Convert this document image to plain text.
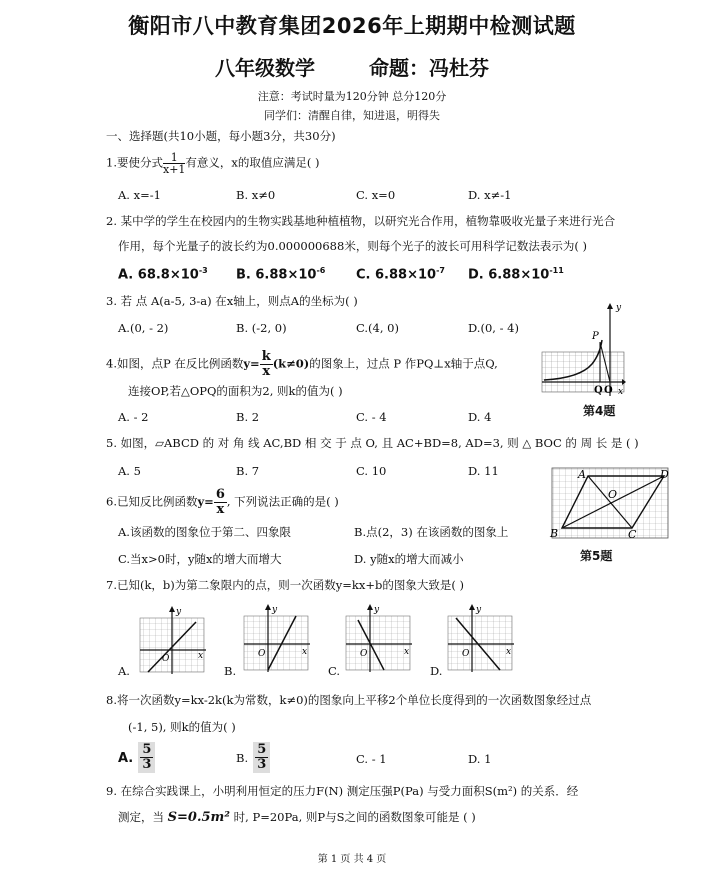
衡阳市八中教育集团2026年上期期中检测试题
八年级数学	命题：冯杜芬
注意：考试时量为120分钟 总分120分
同学们：清醒自律，知进退，明得失
一、选择题(共10小题，每小题3分，共30分)
1.要使分式 $\frac{1}{x+1}$ 有意义，x的取值应满足( )
A. x=-1	B. x≠0	C. x=0	D. x≠-1
2. 某中学的学生在校园内的生物实践基地种植植物，以研究光合作用，植物靠吸收光量子来进行光合
作用，每个光量子的波长约为0.000000688米，则每个光子的波长可用科学记数法表示为( )
A. $68.8\times 10^{-3}$ B. $6.88\times 10^{-6}$ C. $6.88\times 10^{-7}$ D. $6.88\times 10^{-11}$
3. 若 点 A(a-5, 3-a) 在x轴上，则点A的坐标为( )
A.(0, - 2)	B. (-2, 0)	C.(4, 0)	D.(0, - 4)
4.如图，点P 在反比例函数$y= \frac{k}{x} (k\ne 0)$的图象上，过点 P 作PQ⊥x轴于点Q,
连接OP,若△OPQ的面积为2, 则k的值为( )
A. - 2	B. 2	C. - 4	D. 4
P
Q O
y
x
第4题
5. 如图，▱ABCD 的 对 角 线 AC,BD 相 交 于 点 O, 且 AC+BD=8, AD=3, 则 △ BOC 的 周 长 是 ( )
A. 5	B. 7	C. 10	D. 11	A	D
B	C
O
第5题
6.已知反比例函数$y= \frac{6}{x}$ , 下列说法正确的是( )
A.该函数的图象位于第二、四象限	B.点(2，3) 在该函数的图象上
C.当x>0时，y随x的增大而增大	D. y随x的增大而减小
7.已知(k，b)为第二象限内的点，则一次函数y=kx+b的图象大致是( )
A.	B.	C.	D.
y
O	x
y
O	x
y
O	x
y
O	x
8.将一次函数y=kx-2k(k为常数，k≠0)的图象向上平移2个单位长度得到的一次函数图象经过点
(-1, 5), 则k的值为( )
A. $\frac{5}{3}$	B. $\frac{5}{3}$	C. - 1	D. 1
9. 在综合实践课上，小明利用恒定的压力F(N) 测定压强P(Pa) 与受力面积S(m²) 的关系．经
测定，当 S=0.5m² 时, P=20Pa, 则P与S之间的函数图象可能是 ( )
第 1 页 共 4 页
